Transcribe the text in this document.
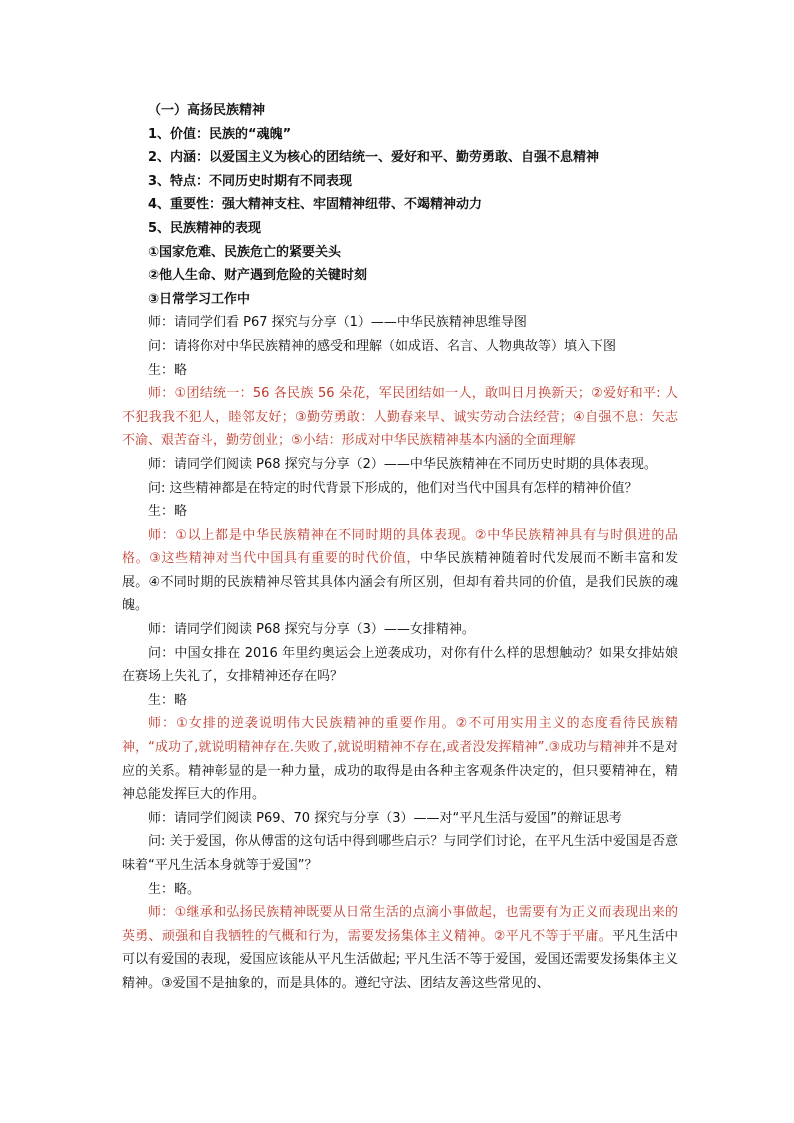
（一）高扬民族精神

1、价值：民族的“魂魄”

2、内涵：以爱国主义为核心的团结统一、爱好和平、勤劳勇敢、自强不息精神

3、特点：不同历史时期有不同表现

4、重要性：强大精神支柱、牢固精神纽带、不竭精神动力

5、民族精神的表现

①国家危难、民族危亡的紧要关头

②他人生命、财产遇到危险的关键时刻

③日常学习工作中

师：请同学们看 P67 探究与分享（1）——中华民族精神思维导图

问：请将你对中华民族精神的感受和理解（如成语、名言、人物典故等）填入下图

生：略

师：①团结统一：56 各民族 56 朵花，军民团结如一人，敢叫日月换新天；②爱好和平: 人不犯我我不犯人，睦邻友好；③勤劳勇敢：人勤春来早、诚实劳动合法经营；④自强不息：矢志不渝、艰苦奋斗，勤劳创业；⑤小结：形成对中华民族精神基本内涵的全面理解

师：请同学们阅读 P68 探究与分享（2）——中华民族精神在不同历史时期的具体表现。

问: 这些精神都是在特定的时代背景下形成的，他们对当代中国具有怎样的精神价值？

生：略

师：①以上都是中华民族精神在不同时期的具体表现。②中华民族精神具有与时俱进的品格。③这些精神对当代中国具有重要的时代价值，中华民族精神随着时代发展而不断丰富和发展。④不同时期的民族精神尽管其具体内涵会有所区别，但却有着共同的价值，是我们民族的魂魄。

师：请同学们阅读 P68 探究与分享（3）——女排精神。

问：中国女排在 2016 年里约奥运会上逆袭成功，对你有什么样的思想触动？如果女排姑娘在赛场上失礼了，女排精神还存在吗？

生：略

师：①女排的逆袭说明伟大民族精神的重要作用。②不可用实用主义的态度看待民族精神，“成功了,就说明精神存在.失败了,就说明精神不存在,或者没发挥精神”.③成功与精神并不是对应的关系。精神彰显的是一种力量，成功的取得是由各种主客观条件决定的，但只要精神在，精神总能发挥巨大的作用。

师：请同学们阅读 P69、70 探究与分享（3）——对“平凡生活与爱国”的辩证思考

问: 关于爱国，你从傅雷的这句话中得到哪些启示？与同学们讨论，在平凡生活中爱国是否意味着“平凡生活本身就等于爱国”？

生：略。

师：①继承和弘扬民族精神既要从日常生活的点滴小事做起，也需要有为正义而表现出来的英勇、顽强和自我牺牲的气概和行为，需要发扬集体主义精神。②平凡不等于平庸。平凡生活中可以有爱国的表现，爱国应该能从平凡生活做起; 平凡生活不等于爱国，爱国还需要发扬集体主义精神。③爱国不是抽象的，而是具体的。遵纪守法、团结友善这些常见的、
